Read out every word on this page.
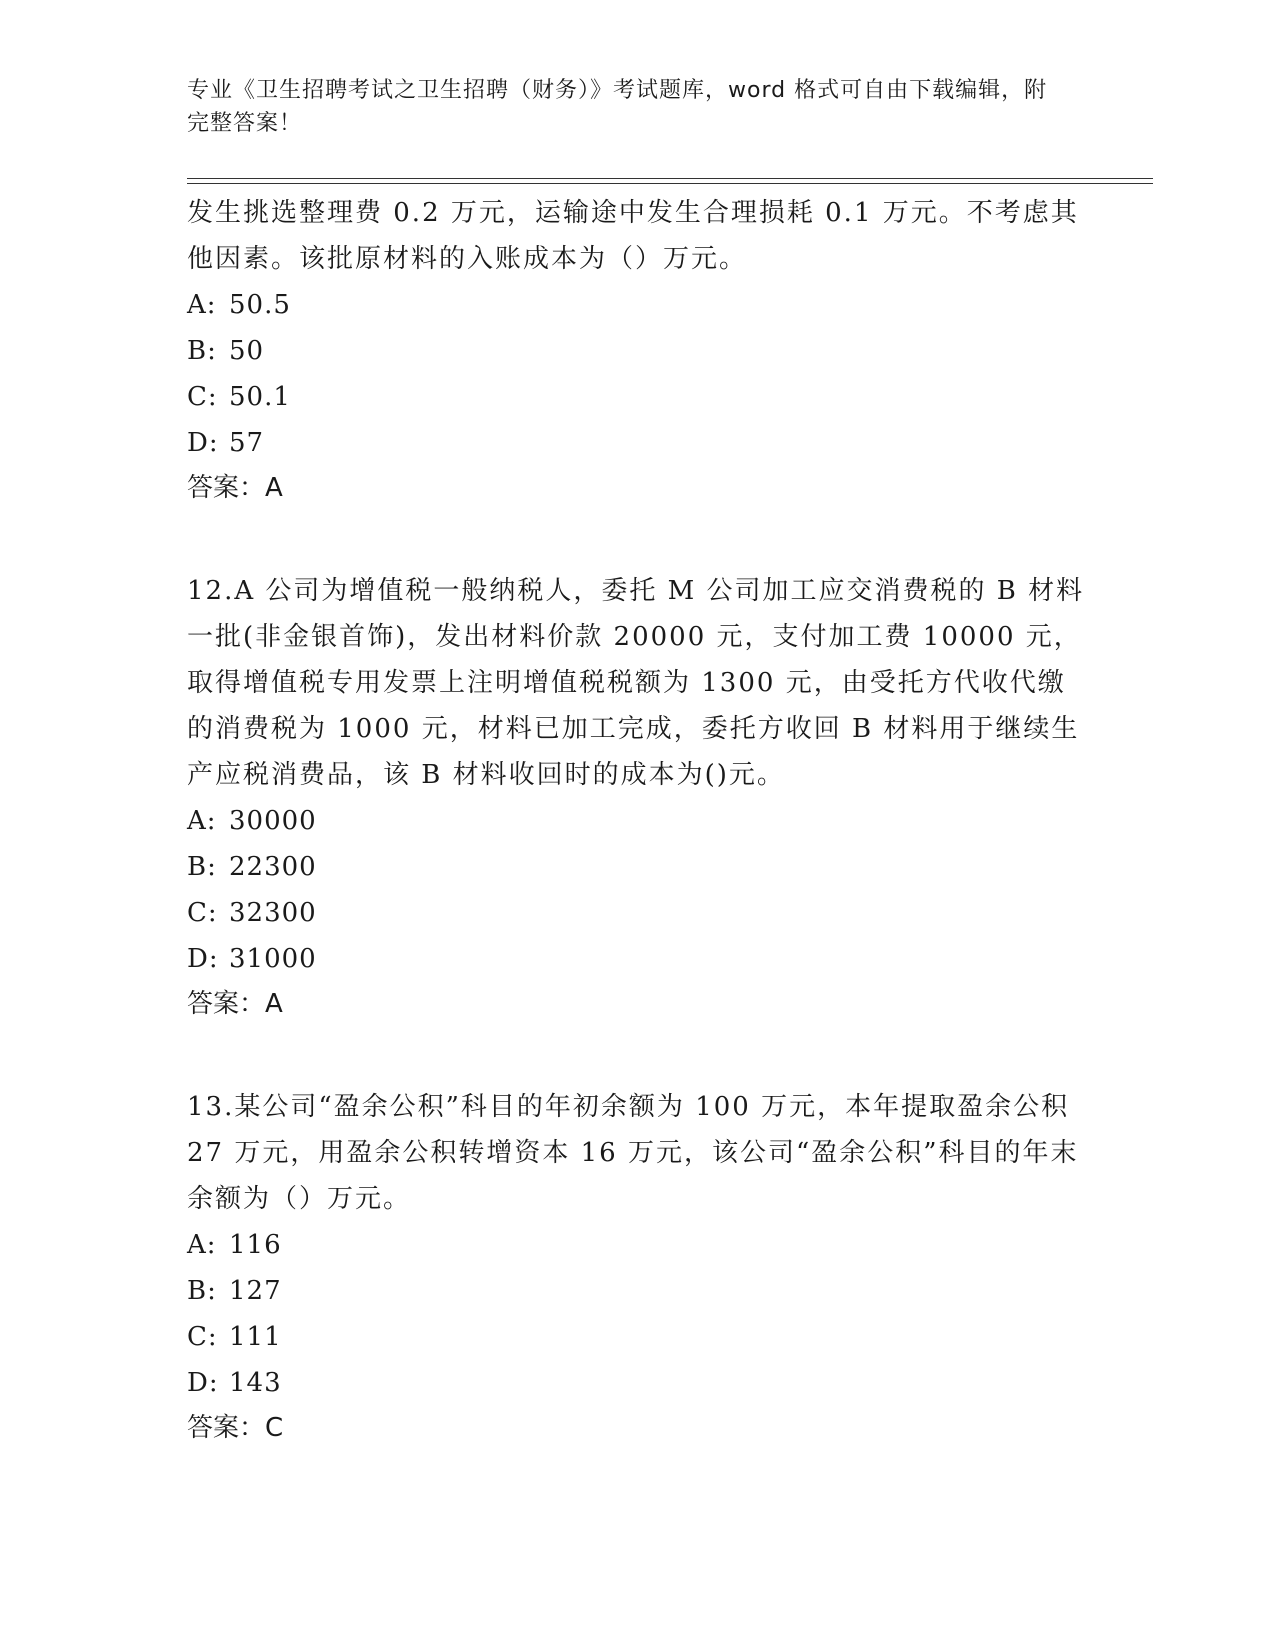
专业《卫生招聘考试之卫生招聘（财务）》考试题库，word 格式可自由下载编辑，附完整答案！

发生挑选整理费 0.2 万元，运输途中发生合理损耗 0.1 万元。不考虑其他因素。该批原材料的入账成本为（）万元。

A: 50.5

B: 50

C: 50.1

D: 57

答案：A

12.A 公司为增值税一般纳税人，委托 M 公司加工应交消费税的 B 材料一批(非金银首饰)，发出材料价款 20000 元，支付加工费 10000 元，取得增值税专用发票上注明增值税税额为 1300 元，由受托方代收代缴的消费税为 1000 元，材料已加工完成，委托方收回 B 材料用于继续生产应税消费品，该 B 材料收回时的成本为()元。

A: 30000

B: 22300

C: 32300

D: 31000

答案：A

13.某公司“盈余公积”科目的年初余额为 100 万元，本年提取盈余公积 27 万元，用盈余公积转增资本 16 万元，该公司“盈余公积”科目的年末余额为（）万元。

A: 116

B: 127

C: 111

D: 143

答案：C
